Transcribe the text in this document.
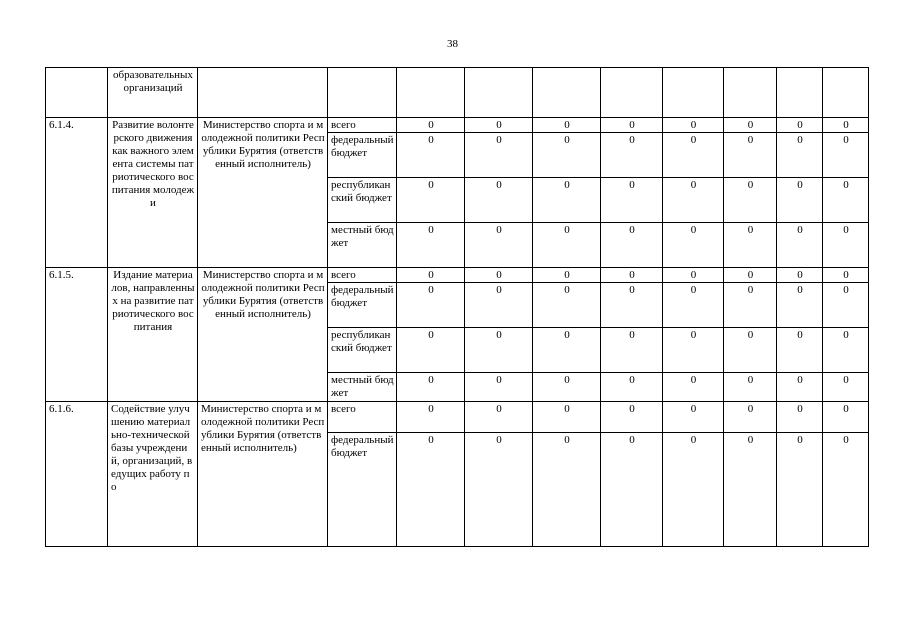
38
	образовательных организаций										
6.1.4.	Развитие волонтерского движения как важного элемента системы патриотического воспитания молодежи	Министерство спорта и молодежной политики Республики Бурятия (ответственный исполнитель)	всего	0	0	0	0	0	0	0	0
			федеральный бюджет	0	0	0	0	0	0	0	0
			республиканский бюджет	0	0	0	0	0	0	0	0
			местный бюджет	0	0	0	0	0	0	0	0
6.1.5.	Издание материалов, направленных на развитие патриотического воспитания	Министерство спорта и молодежной политики Республики Бурятия (ответственный исполнитель)	всего	0	0	0	0	0	0	0	0
			федеральный бюджет	0	0	0	0	0	0	0	0
			республиканский бюджет	0	0	0	0	0	0	0	0
			местный бюджет	0	0	0	0	0	0	0	0
6.1.6.	Содействие улучшению материально-технической базы учреждений, организаций, ведущих работу по	Министерство спорта и молодежной политики Республики Бурятия (ответственный исполнитель)	всего	0	0	0	0	0	0	0	0
			федеральный бюджет	0	0	0	0	0	0	0	0
